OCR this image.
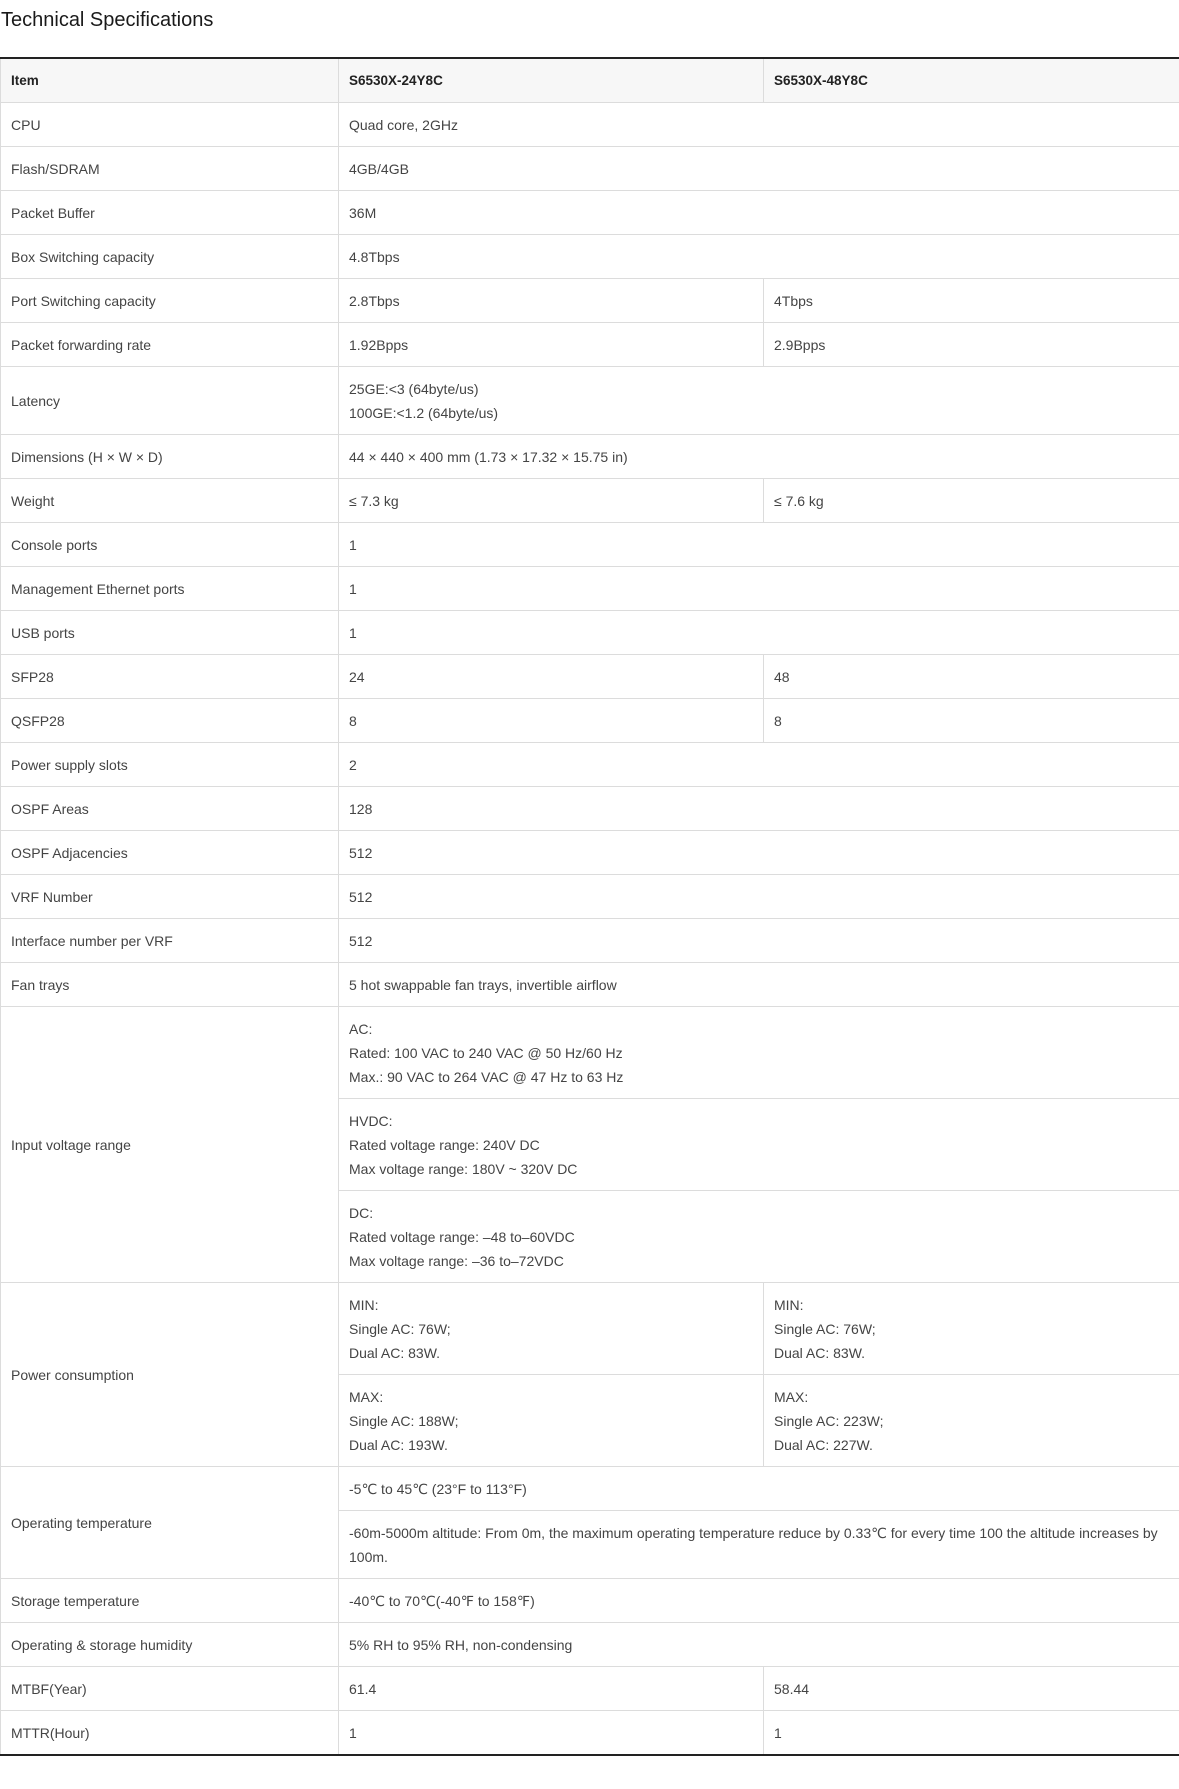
Technical Specifications
Item	S6530X-24Y8C	S6530X-48Y8C
CPU	Quad core, 2GHz	

Flash/SDRAM	4GB/4GB	

Packet Buffer	36M	

Box Switching capacity	4.8Tbps	

Port Switching capacity	2.8Tbps	4Tbps

Packet forwarding rate	1.92Bpps	2.9Bpps

Latency	25GE:<3 (64byte/us)
100GE:<1.2 (64byte/us)	

Dimensions (H × W × D)	44 × 440 × 400 mm (1.73 × 17.32 × 15.75 in)	

Weight	≤ 7.3 kg	≤ 7.6 kg

Console ports	1	

Management Ethernet ports	1	

USB ports	1	

SFP28	24	48

QSFP28	8	8

Power supply slots	2	

OSPF Areas	128	

OSPF Adjacencies	512	

VRF Number	512	

Interface number per VRF	512	

Fan trays	5 hot swappable fan trays, invertible airflow	

Input voltage range	AC:
Rated: 100 VAC to 240 VAC @ 50 Hz/60 Hz
Max.: 90 VAC to 264 VAC @ 47 Hz to 63 Hz	

	HVDC:
Rated voltage range: 240V DC
Max voltage range: 180V ~ 320V DC	

	DC:
Rated voltage range: –48 to–60VDC
Max voltage range: –36 to–72VDC	

Power consumption	MIN:
Single AC: 76W;
Dual AC: 83W.	MIN:
Single AC: 76W;
Dual AC: 83W.

	MAX:
Single AC: 188W;
Dual AC: 193W.	MAX:
Single AC: 223W;
Dual AC: 227W.

Operating temperature	-5℃ to 45℃ (23°F to 113°F)	

	-60m-5000m altitude: From 0m, the maximum operating temperature reduce by 0.33℃ for every time 100 the altitude increases by 100m.	

Storage temperature	-40℃ to 70℃(-40℉ to 158℉)	

Operating & storage humidity	5% RH to 95% RH, non-condensing	

MTBF(Year)	61.4	58.44

MTTR(Hour)	1	1
